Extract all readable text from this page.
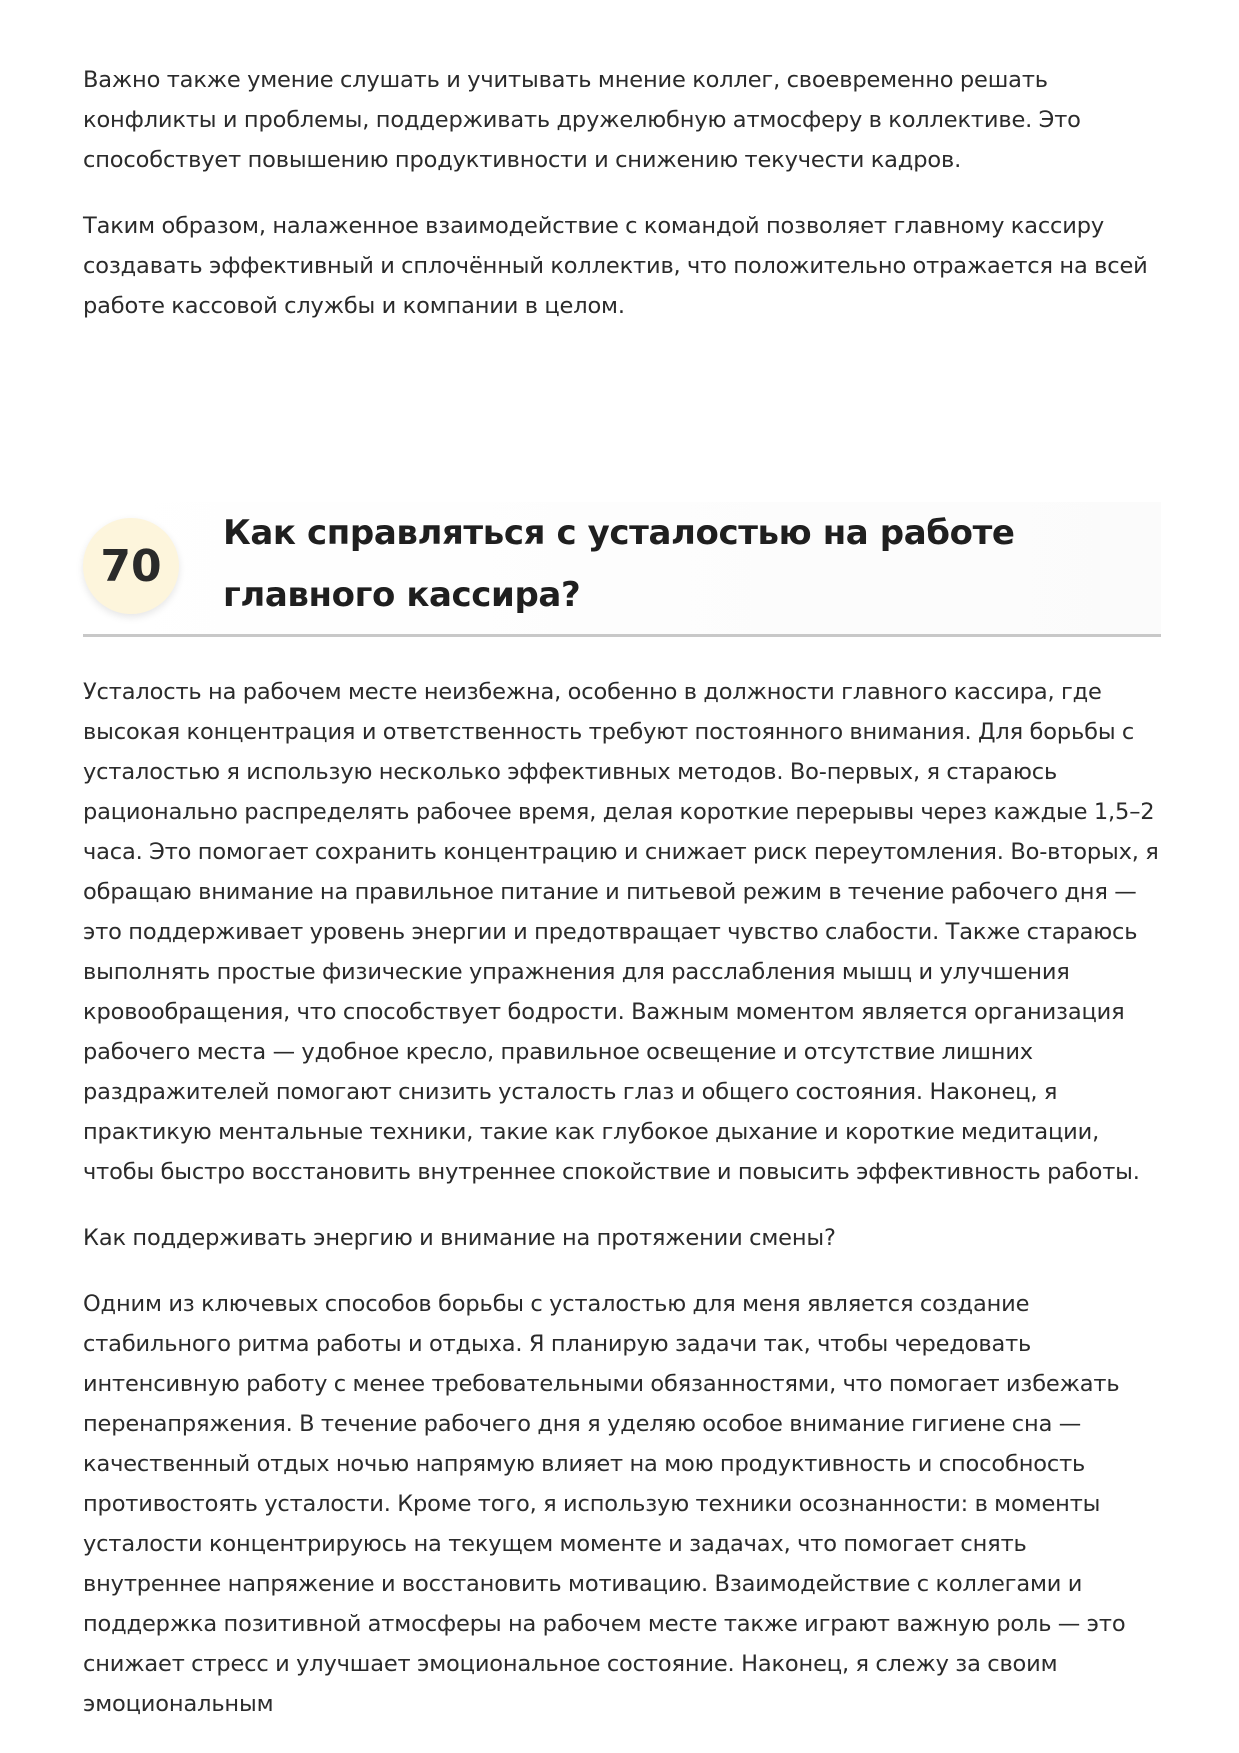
Важно также умение слушать и учитывать мнение коллег, своевременно решать конфликты и проблемы, поддерживать дружелюбную атмосферу в коллективе. Это способствует повышению продуктивности и снижению текучести кадров.

Таким образом, налаженное взаимодействие с командой позволяет главному кассиру создавать эффективный и сплочённый коллектив, что положительно отражается на всей работе кассовой службы и компании в целом.

70
Как справляться с усталостью на работе главного кассира?

Усталость на рабочем месте неизбежна, особенно в должности главного кассира, где высокая концентрация и ответственность требуют постоянного внимания. Для борьбы с усталостью я использую несколько эффективных методов. Во-первых, я стараюсь рационально распределять рабочее время, делая короткие перерывы через каждые 1,5–2 часа. Это помогает сохранить концентрацию и снижает риск переутомления. Во-вторых, я обращаю внимание на правильное питание и питьевой режим в течение рабочего дня — это поддерживает уровень энергии и предотвращает чувство слабости. Также стараюсь выполнять простые физические упражнения для расслабления мышц и улучшения кровообращения, что способствует бодрости. Важным моментом является организация рабочего места — удобное кресло, правильное освещение и отсутствие лишних раздражителей помогают снизить усталость глаз и общего состояния. Наконец, я практикую ментальные техники, такие как глубокое дыхание и короткие медитации, чтобы быстро восстановить внутреннее спокойствие и повысить эффективность работы.

Как поддерживать энергию и внимание на протяжении смены?

Одним из ключевых способов борьбы с усталостью для меня является создание стабильного ритма работы и отдыха. Я планирую задачи так, чтобы чередовать интенсивную работу с менее требовательными обязанностями, что помогает избежать перенапряжения. В течение рабочего дня я уделяю особое внимание гигиене сна — качественный отдых ночью напрямую влияет на мою продуктивность и способность противостоять усталости. Кроме того, я использую техники осознанности: в моменты усталости концентрируюсь на текущем моменте и задачах, что помогает снять внутреннее напряжение и восстановить мотивацию. Взаимодействие с коллегами и поддержка позитивной атмосферы на рабочем месте также играют важную роль — это снижает стресс и улучшает эмоциональное состояние. Наконец, я слежу за своим эмоциональным
